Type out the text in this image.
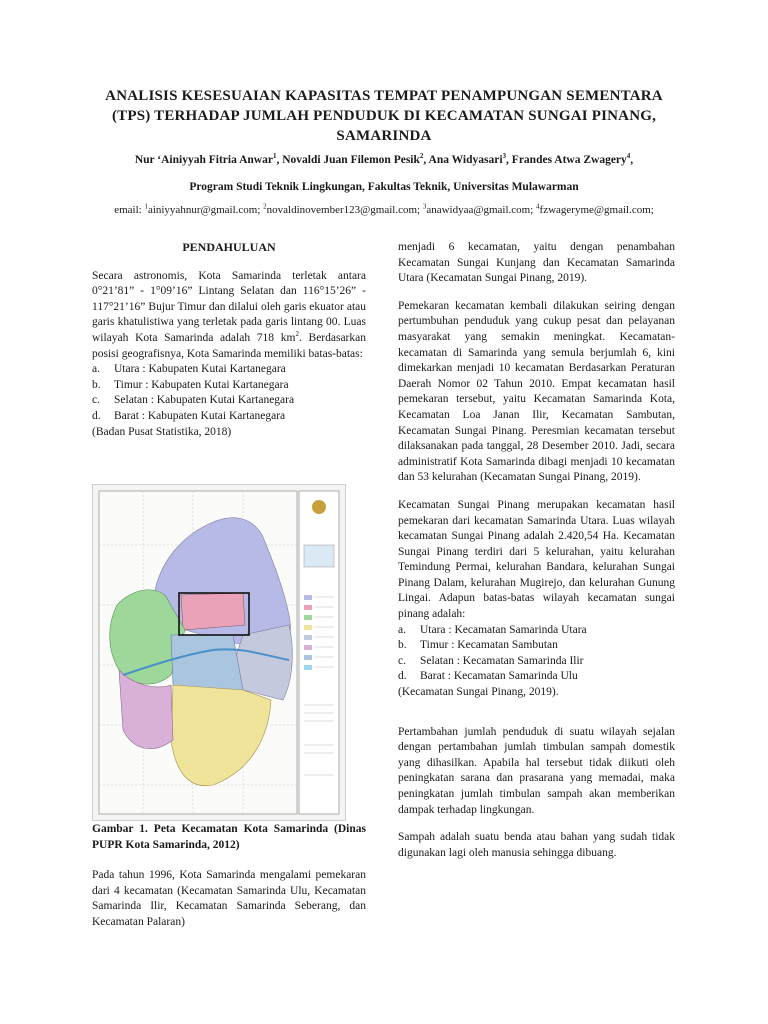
ANALISIS KESESUAIAN KAPASITAS TEMPAT PENAMPUNGAN SEMENTARA
(TPS) TERHADAP JUMLAH PENDUDUK DI KECAMATAN SUNGAI PINANG,
SAMARINDA
Nur ‘Ainiyyah Fitria Anwar$^1$, Novaldi Juan Filemon Pesik$^2$, Ana Widyasari$^3$, Frandes Atwa Zwagery$^4$,
Program Studi Teknik Lingkungan, Fakultas Teknik, Universitas Mulawarman
email: $^1$ainiyyahnur@gmail.com; $^2$novaldinovember123@gmail.com; $^3$anawidyaa@gmail.com; $^4$fzwageryme@gmail.com;

PENDAHULUAN

Secara astronomis, Kota Samarinda terletak antara 0°21’81” - 1°09’16” Lintang Selatan dan 116°15’26” - 117°21’16” Bujur Timur dan dilalui oleh garis ekuator atau garis khatulistiwa yang terletak pada garis lintang 00. Luas wilayah Kota Samarinda adalah 718 $km^2$. Berdasarkan posisi geografisnya, Kota Samarinda memiliki batas-batas:

a.	Utara : Kabupaten Kutai Kartanegara
b.	Timur : Kabupaten Kutai Kartanegara
c.	Selatan : Kabupaten Kutai Kartanegara
d.	Barat : Kabupaten Kutai Kartanegara

(Badan Pusat Statistika, 2018)

Gambar 1. Peta Kecamatan Kota Samarinda (Dinas PUPR Kota Samarinda, 2012)

Pada tahun 1996, Kota Samarinda mengalami pemekaran dari 4 kecamatan (Kecamatan Samarinda Ulu, Kecamatan Samarinda Ilir, Kecamatan Samarinda Seberang, dan Kecamatan Palaran)

menjadi 6 kecamatan, yaitu dengan penambahan Kecamatan Sungai Kunjang dan Kecamatan Samarinda Utara (Kecamatan Sungai Pinang, 2019).

Pemekaran kecamatan kembali dilakukan seiring dengan pertumbuhan penduduk yang cukup pesat dan pelayanan masyarakat yang semakin meningkat. Kecamatan-kecamatan di Samarinda yang semula berjumlah 6, kini dimekarkan menjadi 10 kecamatan Berdasarkan Peraturan Daerah Nomor 02 Tahun 2010. Empat kecamatan hasil pemekaran tersebut, yaitu Kecamatan Samarinda Kota, Kecamatan Loa Janan Ilir, Kecamatan Sambutan, Kecamatan Sungai Pinang. Peresmian kecamatan tersebut dilaksanakan pada tanggal, 28 Desember 2010. Jadi, secara administratif Kota Samarinda dibagi menjadi 10 kecamatan dan 53 kelurahan (Kecamatan Sungai Pinang, 2019).

Kecamatan Sungai Pinang merupakan kecamatan hasil pemekaran dari kecamatan Samarinda Utara. Luas wilayah kecamatan Sungai Pinang adalah 2.420,54 Ha. Kecamatan Sungai Pinang terdiri dari 5 kelurahan, yaitu kelurahan Temindung Permai, kelurahan Bandara, kelurahan Sungai Pinang Dalam, kelurahan Mugirejo, dan kelurahan Gunung Lingai. Adapun batas-batas wilayah kecamatan sungai pinang adalah:

a.	Utara : Kecamatan Samarinda Utara
b.	Timur : Kecamatan Sambutan
c.	Selatan : Kecamatan Samarinda Ilir
d.	Barat : Kecamatan Samarinda Ulu

(Kecamatan Sungai Pinang, 2019).

Pertambahan jumlah penduduk di suatu wilayah sejalan dengan pertambahan jumlah timbulan sampah domestik yang dihasilkan. Apabila hal tersebut tidak diikuti oleh peningkatan sarana dan prasarana yang memadai, maka peningkatan jumlah timbulan sampah akan memberikan dampak terhadap lingkungan.

Sampah adalah suatu benda atau bahan yang sudah tidak digunakan lagi oleh manusia sehingga dibuang.
